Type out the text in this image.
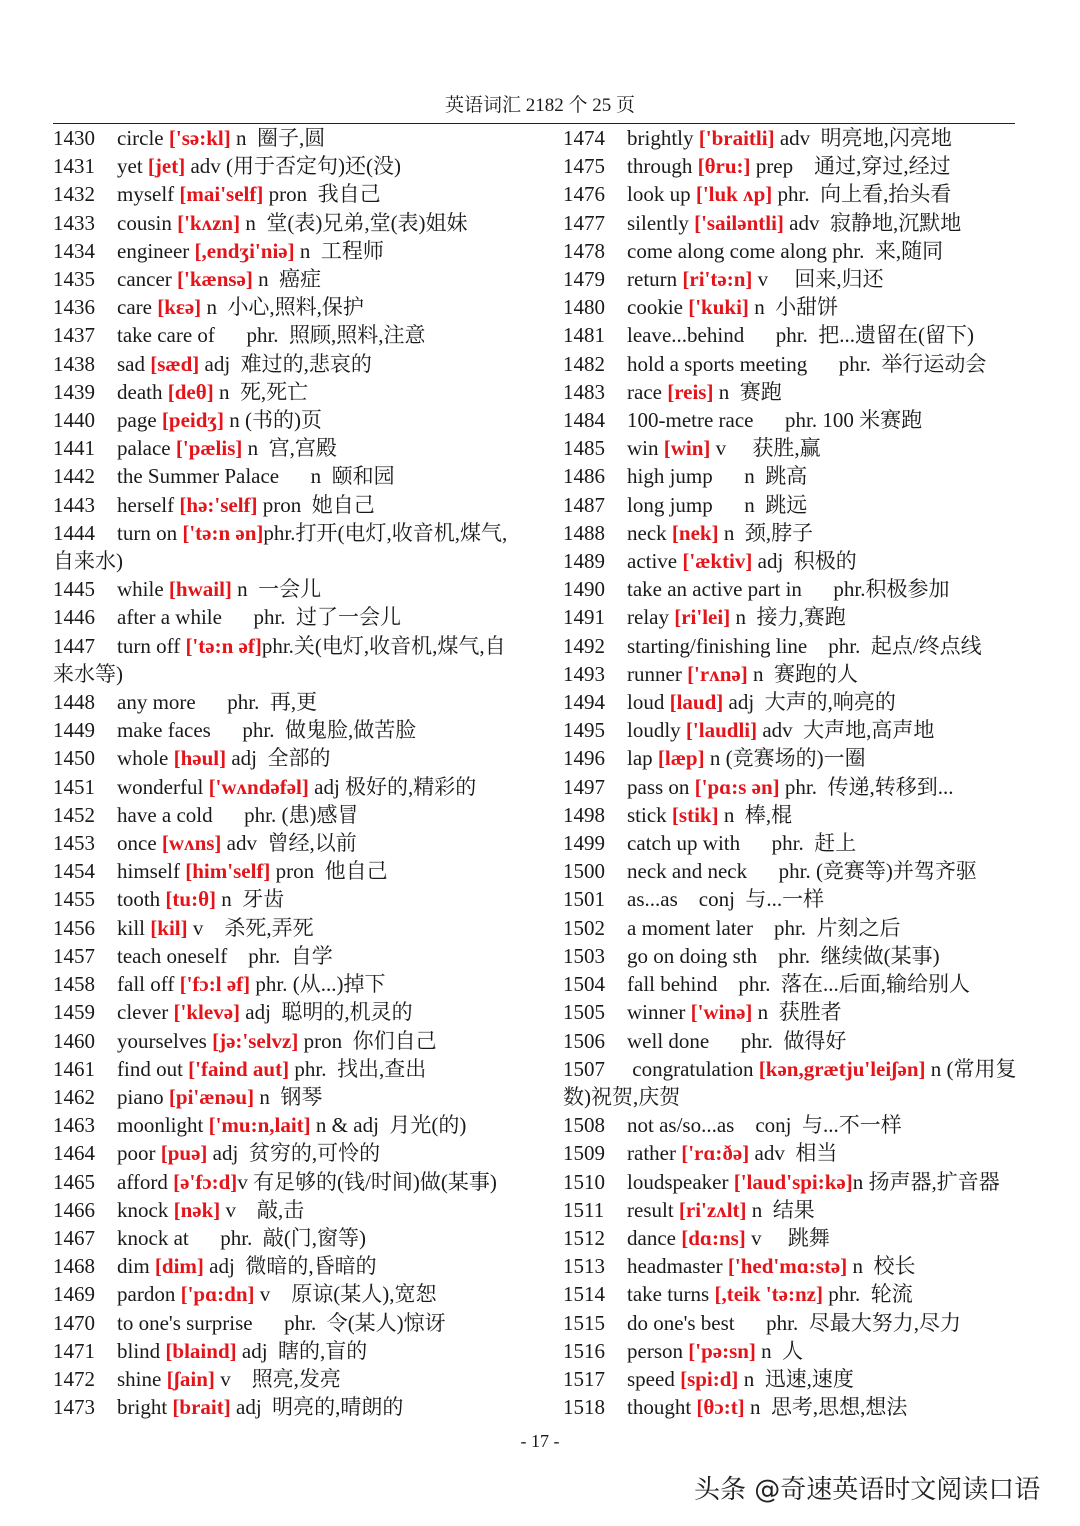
英语词汇 2182 个 25 页
1430 circle ['sə:kl] n  圈子,圆
1431 yet [jet] adv (用于否定句)还(没)
1432 myself [mai'self] pron  我自己
1433 cousin ['kʌzn] n  堂(表)兄弟,堂(表)姐妹
1434 engineer [,endʒi'niə] n  工程师
1435 cancer ['kænsə] n  癌症
1436 care [kɛə] n  小心,照料,保护
1437 take care of      phr.  照顾,照料,注意
1438 sad [sæd] adj  难过的,悲哀的
1439 death [deθ] n  死,死亡
1440 page [peidʒ] n (书的)页
1441 palace ['pælis] n  宫,宫殿
1442 the Summer Palace      n  颐和园
1443 herself [hə:'self] pron  她自己
1444 turn on ['tə:n ən]phr.打开(电灯,收音机,煤气,自来水)
1445 while [hwail] n  一会儿
1446 after a while      phr.  过了一会儿
1447 turn off ['tə:n əf]phr.关(电灯,收音机,煤气,自来水等)
1448 any more      phr.  再,更
1449 make faces      phr.  做鬼脸,做苦脸
1450 whole [həul] adj  全部的
1451 wonderful ['wʌndəfəl] adj 极好的,精彩的
1452 have a cold      phr. (患)感冒
1453 once [wʌns] adv  曾经,以前
1454 himself [him'self] pron  他自己
1455 tooth [tu:θ] n  牙齿
1456 kill [kil] v    杀死,弄死
1457 teach oneself    phr.  自学
1458 fall off ['fɔ:l əf] phr. (从...)掉下
1459 clever ['klevə] adj  聪明的,机灵的
1460 yourselves [jə:'selvz] pron  你们自己
1461 find out ['faind aut] phr.  找出,查出
1462 piano [pi'ænəu] n  钢琴
1463 moonlight ['mu:n,lait] n & adj  月光(的)
1464 poor [puə] adj  贫穷的,可怜的
1465 afford [ə'fɔ:d]v 有足够的(钱/时间)做(某事)
1466 knock [nək] v    敲,击
1467 knock at      phr.  敲(门,窗等)
1468 dim [dim] adj  微暗的,昏暗的
1469 pardon ['pɑ:dn] v    原谅(某人),宽恕
1470 to one's surprise      phr.  令(某人)惊讶
1471 blind [blaind] adj  瞎的,盲的
1472 shine [ʃain] v    照亮,发亮
1473 bright [brait] adj  明亮的,晴朗的
1474 brightly ['braitli] adv  明亮地,闪亮地
1475 through [θru:] prep    通过,穿过,经过
1476 look up ['luk ʌp] phr.  向上看,抬头看
1477 silently ['sailəntli] adv  寂静地,沉默地
1478 come along come along phr.  来,随同
1479 return [ri'tə:n] v     回来,归还
1480 cookie ['kuki] n  小甜饼
1481 leave...behind      phr.  把...遗留在(留下)
1482 hold a sports meeting      phr.  举行运动会
1483 race [reis] n  赛跑
1484 100-metre race      phr. 100 米赛跑
1485 win [win] v     获胜,赢
1486 high jump      n  跳高
1487 long jump      n  跳远
1488 neck [nek] n  颈,脖子
1489 active ['æktiv] adj  积极的
1490 take an active part in      phr.积极参加
1491 relay [ri'lei] n  接力,赛跑
1492 starting/finishing line    phr.  起点/终点线
1493 runner ['rʌnə] n  赛跑的人
1494 loud [laud] adj  大声的,响亮的
1495 loudly ['laudli] adv  大声地,高声地
1496 lap [læp] n (竞赛场的)一圈
1497 pass on ['pɑ:s ən] phr.  传递,转移到...
1498 stick [stik] n  棒,棍
1499 catch up with      phr.  赶上
1500 neck and neck      phr. (竞赛等)并驾齐驱
1501 as...as    conj  与...一样
1502 a moment later    phr.  片刻之后
1503 go on doing sth    phr.  继续做(某事)
1504 fall behind    phr.  落在...后面,输给别人
1505 winner ['winə] n  获胜者
1506 well done      phr.  做得好
1507 congratulation [kən,grætju'leiʃən] n (常用复数)祝贺,庆贺
1508 not as/so...as    conj  与...不一样
1509 rather ['rɑ:ðə] adv  相当
1510 loudspeaker ['laud'spi:kə]n 扬声器,扩音器
1511 result [ri'zʌlt] n  结果
1512 dance [dɑ:ns] v     跳舞
1513 headmaster ['hed'mɑ:stə] n  校长
1514 take turns [,teik 'tə:nz] phr.  轮流
1515 do one's best      phr.  尽最大努力,尽力
1516 person ['pə:sn] n  人
1517 speed [spi:d] n  迅速,速度
1518 thought [θɔ:t] n  思考,思想,想法
- 17 -
头条 @奇速英语时文阅读口语
